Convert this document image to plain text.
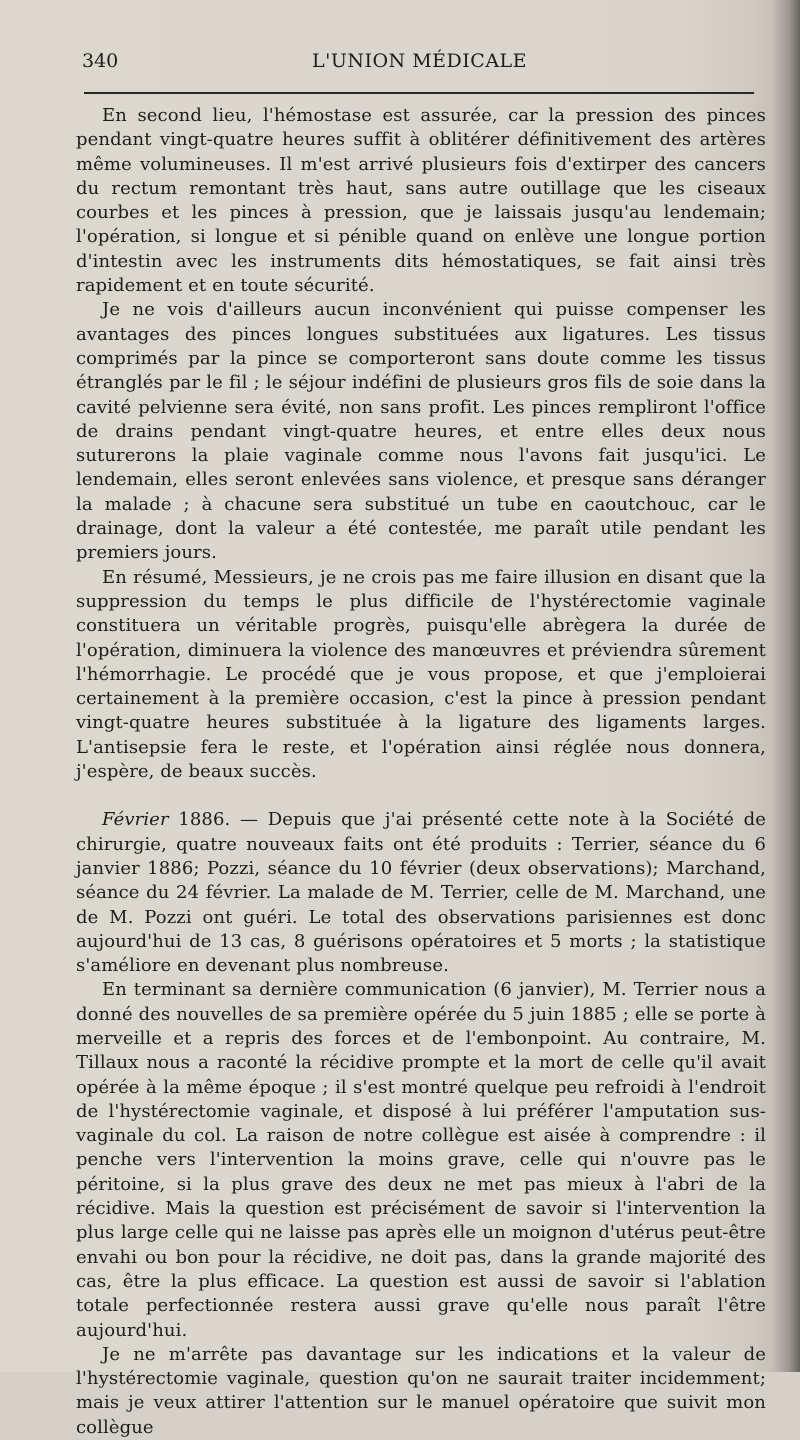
340	L'UNION MÉDICALE

En second lieu, l'hémostase est assurée, car la pression des pinces pendant vingt-quatre heures suffit à oblitérer définitivement des artères même volumineuses. Il m'est arrivé plusieurs fois d'extirper des cancers du rectum remontant très haut, sans autre outillage que les ciseaux courbes et les pinces à pression, que je laissais jusqu'au lendemain; l'opération, si longue et si pénible quand on enlève une longue portion d'intestin avec les instruments dits hémostatiques, se fait ainsi très rapidement et en toute sécurité.

Je ne vois d'ailleurs aucun inconvénient qui puisse compenser les avantages des pinces longues substituées aux ligatures. Les tissus comprimés par la pince se comporteront sans doute comme les tissus étranglés par le fil ; le séjour indéfini de plusieurs gros fils de soie dans la cavité pelvienne sera évité, non sans profit. Les pinces rempliront l'office de drains pendant vingt-quatre heures, et entre elles deux nous suturerons la plaie vaginale comme nous l'avons fait jusqu'ici. Le lendemain, elles seront enlevées sans violence, et presque sans déranger la malade ; à chacune sera substitué un tube en caoutchouc, car le drainage, dont la valeur a été contestée, me paraît utile pendant les premiers jours.

En résumé, Messieurs, je ne crois pas me faire illusion en disant que la suppression du temps le plus difficile de l'hystérectomie vaginale constituera un véritable progrès, puisqu'elle abrègera la durée de l'opération, diminuera la violence des manœuvres et préviendra sûrement l'hémorrhagie. Le procédé que je vous propose, et que j'emploierai certainement à la première occasion, c'est la pince à pression pendant vingt-quatre heures substituée à la ligature des ligaments larges. L'antisepsie fera le reste, et l'opération ainsi réglée nous donnera, j'espère, de beaux succès.

Février 1886. — Depuis que j'ai présenté cette note à la Société de chirurgie, quatre nouveaux faits ont été produits : Terrier, séance du 6 janvier 1886; Pozzi, séance du 10 février (deux observations); Marchand, séance du 24 février. La malade de M. Terrier, celle de M. Marchand, une de M. Pozzi ont guéri. Le total des observations parisiennes est donc aujourd'hui de 13 cas, 8 guérisons opératoires et 5 morts ; la statistique s'améliore en devenant plus nombreuse.

En terminant sa dernière communication (6 janvier), M. Terrier nous a donné des nouvelles de sa première opérée du 5 juin 1885 ; elle se porte à merveille et a repris des forces et de l'embonpoint. Au contraire, M. Tillaux nous a raconté la récidive prompte et la mort de celle qu'il avait opérée à la même époque ; il s'est montré quelque peu refroidi à l'endroit de l'hystérectomie vaginale, et disposé à lui préférer l'amputation sus-vaginale du col. La raison de notre collègue est aisée à comprendre : il penche vers l'intervention la moins grave, celle qui n'ouvre pas le péritoine, si la plus grave des deux ne met pas mieux à l'abri de la récidive. Mais la question est précisément de savoir si l'intervention la plus large celle qui ne laisse pas après elle un moignon d'utérus peut-être envahi ou bon pour la récidive, ne doit pas, dans la grande majorité des cas, être la plus efficace. La question est aussi de savoir si l'ablation totale perfectionnée restera aussi grave qu'elle nous paraît l'être aujourd'hui.

Je ne m'arrête pas davantage sur les indications et la valeur de l'hystérectomie vaginale, question qu'on ne saurait traiter incidemment; mais je veux attirer l'attention sur le manuel opératoire que suivit mon collègue
